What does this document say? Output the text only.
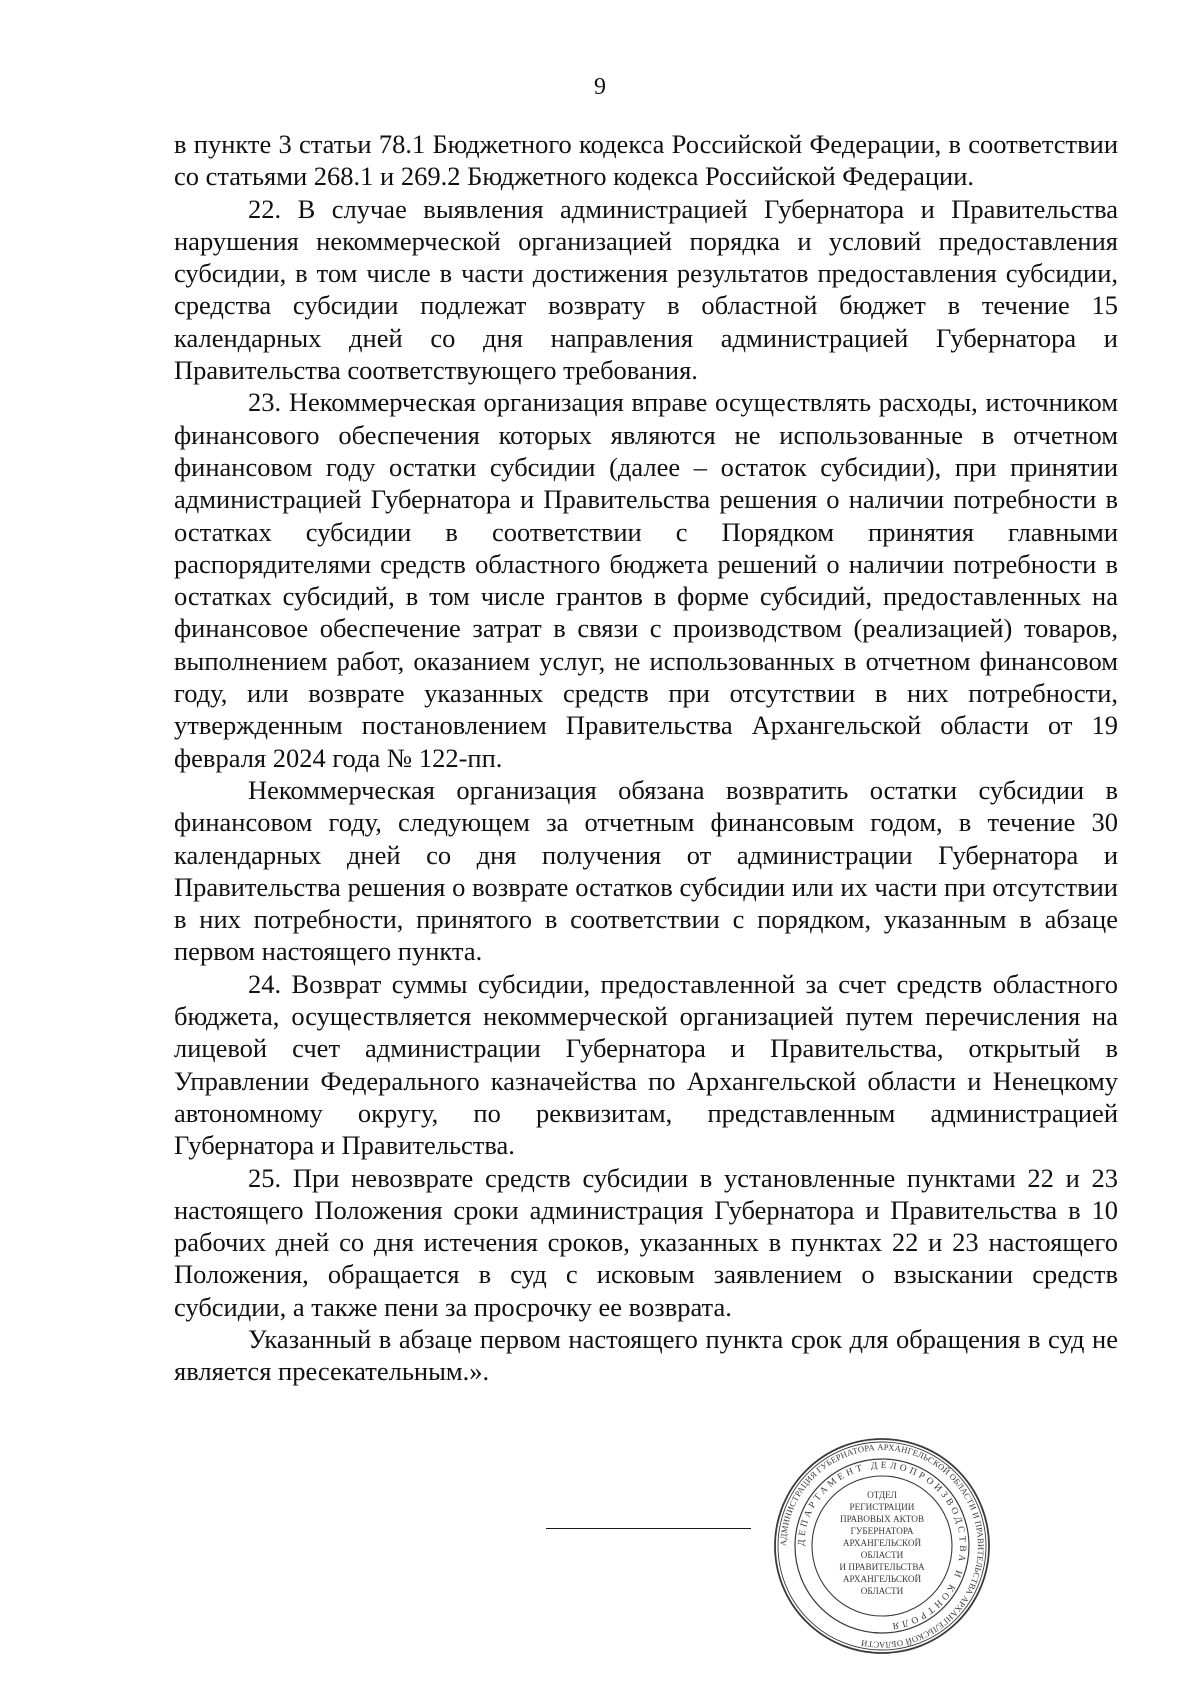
9

в пункте 3 статьи 78.1 Бюджетного кодекса Российской Федерации, в соответствии со статьями 268.1 и 269.2 Бюджетного кодекса Российской Федерации.

22. В случае выявления администрацией Губернатора и Правительства нарушения некоммерческой организацией порядка и условий предоставления субсидии, в том числе в части достижения результатов предоставления субсидии, средства субсидии подлежат возврату в областной бюджет в течение 15 календарных дней со дня направления администрацией Губернатора и Правительства соответствующего требования.

23. Некоммерческая организация вправе осуществлять расходы, источником финансового обеспечения которых являются не использованные в отчетном финансовом году остатки субсидии (далее – остаток субсидии), при принятии администрацией Губернатора и Правительства решения о наличии потребности в остатках субсидии в соответствии с Порядком принятия главными распорядителями средств областного бюджета решений о наличии потребности в остатках субсидий, в том числе грантов в форме субсидий, предоставленных на финансовое обеспечение затрат в связи с производством (реализацией) товаров, выполнением работ, оказанием услуг, не использованных в отчетном финансовом году, или возврате указанных средств при отсутствии в них потребности, утвержденным постановлением Правительства Архангельской области от 19 февраля 2024 года № 122-пп.

Некоммерческая организация обязана возвратить остатки субсидии в финансовом году, следующем за отчетным финансовым годом, в течение 30 календарных дней со дня получения от администрации Губернатора и Правительства решения о возврате остатков субсидии или их части при отсутствии в них потребности, принятого в соответствии с порядком, указанным в абзаце первом настоящего пункта.

24. Возврат суммы субсидии, предоставленной за счет средств областного бюджета, осуществляется некоммерческой организацией путем перечисления на лицевой счет администрации Губернатора и Правительства, открытый в Управлении Федерального казначейства по Архангельской области и Ненецкому автономному округу, по реквизитам, представленным администрацией Губернатора и Правительства.

25. При невозврате средств субсидии в установленные пунктами 22 и 23 настоящего Положения сроки администрация Губернатора и Правительства в 10 рабочих дней со дня истечения сроков, указанных в пунктах 22 и 23 настоящего Положения, обращается в суд с исковым заявлением о взыскании средств субсидии, а также пени за просрочку ее возврата.

Указанный в абзаце первом настоящего пункта срок для обращения в суд не является пресекательным.».

АДМИНИСТРАЦИЯ ГУБЕРНАТОРА АРХАНГЕЛЬСКОЙ ОБЛАСТИ И ПРАВИТЕЛЬСТВА АРХАНГЕЛЬСКОЙ ОБЛАСТИ
ДЕПАРТАМЕНТ ДЕЛОПРОИЗВОДСТВА И КОНТРОЛЯ
ОТДЕЛ
РЕГИСТРАЦИИ
ПРАВОВЫХ АКТОВ
ГУБЕРНАТОРА
АРХАНГЕЛЬСКОЙ
ОБЛАСТИ
И ПРАВИТЕЛЬСТВА
АРХАНГЕЛЬСКОЙ
ОБЛАСТИ
